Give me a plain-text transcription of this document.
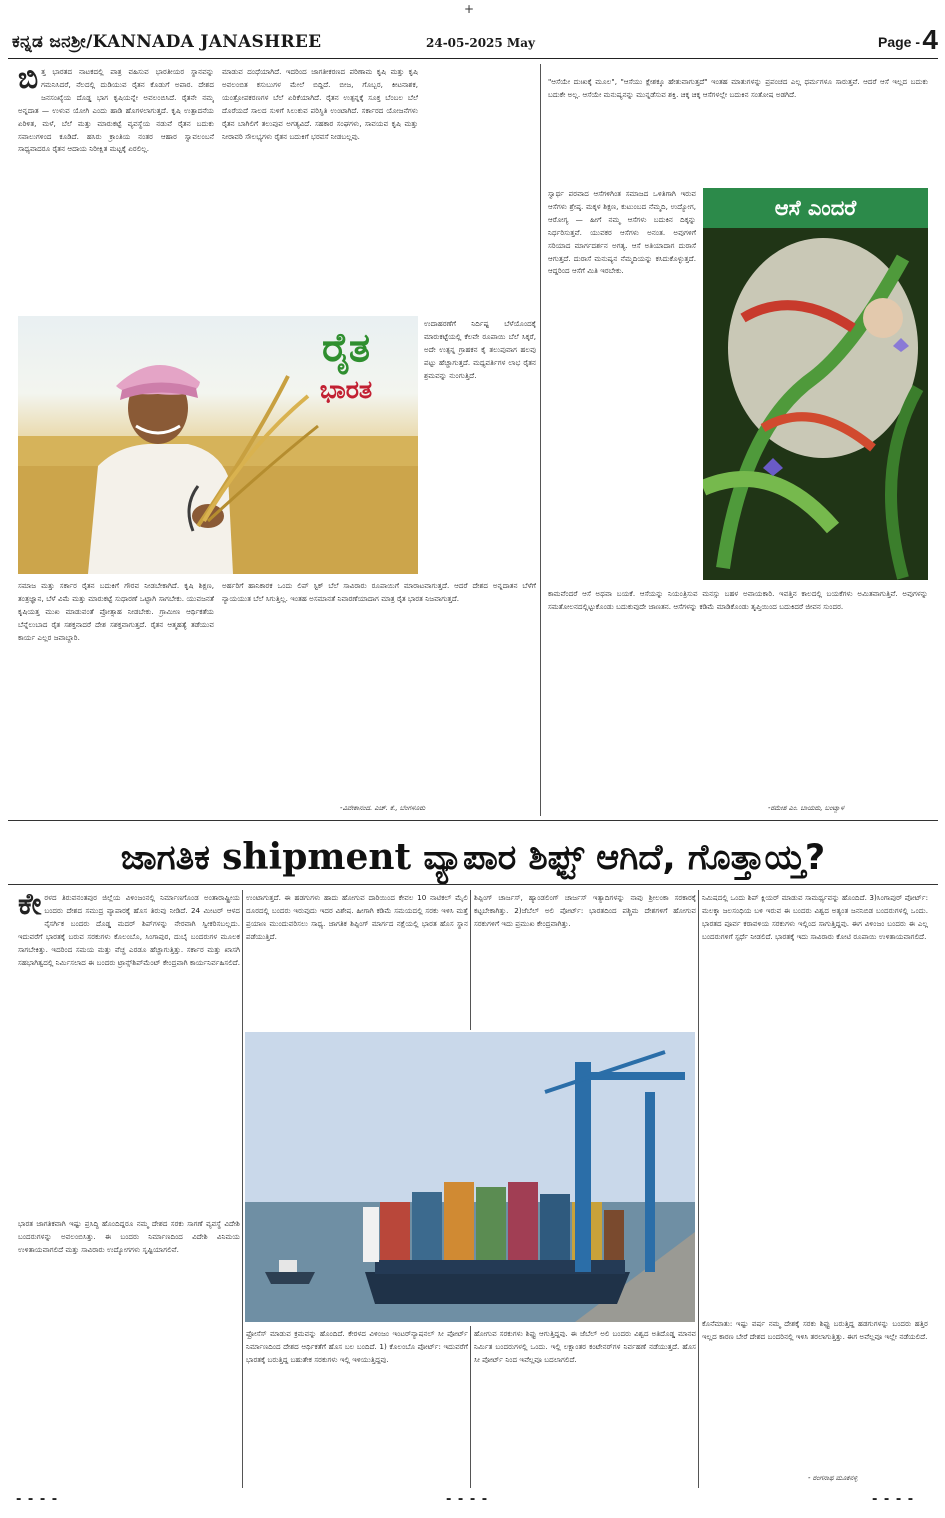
ಕನ್ನಡ ಜನಶ್ರೀ/KANNADA JANASHREE	24-05-2025 May	Page - 4
+
ಬಿ ತ್ತ ಭಾರತದ ನಾಟಕದಲ್ಲಿ ಪಾತ್ರ ವಹಿಸುವ ಭಾರತೀಯರ ಸ್ಥಾನವನ್ನು ಗಮನಿಸಿದರೆ, ನೆಲದಲ್ಲಿ ದುಡಿಯುವ ರೈತನ ಕೊಡುಗೆ ಅಪಾರ. ದೇಶದ ಜನಸಂಖ್ಯೆಯ ದೊಡ್ಡ ಭಾಗ ಕೃಷಿಯನ್ನೇ ಅವಲಂಬಿಸಿದೆ. ರೈತನೇ ನಮ್ಮ ಅನ್ನದಾತ — ಉಳುವ ಯೋಗಿ ಎಂದು ಹಾಡಿ ಹೊಗಳಲಾಗುತ್ತದೆ. ಕೃಷಿ ಉತ್ಪಾದನೆಯ ಏರಿಳಿತ, ಮಳೆ, ಬೆಲೆ ಮತ್ತು ಮಾರುಕಟ್ಟೆ ವ್ಯವಸ್ಥೆಯ ನಡುವೆ ರೈತನ ಬದುಕು ಸವಾಲುಗಳಿಂದ ಕೂಡಿದೆ. ಹಸಿರು ಕ್ರಾಂತಿಯ ನಂತರ ಆಹಾರ ಸ್ವಾವಲಂಬನೆ ಸಾಧ್ಯವಾದರೂ ರೈತನ ಆದಾಯ ನಿರೀಕ್ಷಿತ ಮಟ್ಟಕ್ಕೆ ಏರಲಿಲ್ಲ.
ಮಾಡುವ ದಂಧೆಯಾಗಿದೆ. ಇದರಿಂದ ಜಾಗತೀಕರಣದ ಪರಿಣಾಮ ಕೃಷಿ ಮತ್ತು ಕೃಷಿ ಅವಲಂಬಿತ ಕಸುಬುಗಳ ಮೇಲೆ ಬಿದ್ದಿದೆ. ಬೀಜ, ಗೊಬ್ಬರ, ಕೀಟನಾಶಕ, ಯಂತ್ರೋಪಕರಣಗಳ ಬೆಲೆ ಏರಿಕೆಯಾಗಿದೆ. ರೈತನ ಉತ್ಪನ್ನಕ್ಕೆ ಸೂಕ್ತ ಬೆಂಬಲ ಬೆಲೆ ದೊರೆಯದೆ ಸಾಲದ ಸುಳಿಗೆ ಸಿಲುಕುವ ಪರಿಸ್ಥಿತಿ ಉಂಟಾಗಿದೆ. ಸರ್ಕಾರದ ಯೋಜನೆಗಳು ರೈತನ ಬಾಗಿಲಿಗೆ ತಲುಪುವ ಅಗತ್ಯವಿದೆ. ಸಹಕಾರ ಸಂಘಗಳು, ಸಾವಯವ ಕೃಷಿ ಮತ್ತು ನೀರಾವರಿ ಸೌಲಭ್ಯಗಳು ರೈತನ ಬದುಕಿಗೆ ಭರವಸೆ ನೀಡಬಲ್ಲವು.
ರೈತ
ಭಾರತ
ಉದಾಹರಣೆಗೆ ನಿರ್ದಿಷ್ಟ ಬೆಳೆಯೊಂದಕ್ಕೆ ಮಾರುಕಟ್ಟೆಯಲ್ಲಿ ಕೆಲವೇ ರೂಪಾಯಿ ಬೆಲೆ ಸಿಕ್ಕರೆ, ಅದೇ ಉತ್ಪನ್ನ ಗ್ರಾಹಕನ ಕೈ ತಲುಪುವಾಗ ಹಲವು ಪಟ್ಟು ಹೆಚ್ಚಾಗುತ್ತದೆ. ಮಧ್ಯವರ್ತಿಗಳ ಲಾಭ ರೈತನ ಶ್ರಮವನ್ನು ನುಂಗುತ್ತಿದೆ.
ಸಮಾಜ ಮತ್ತು ಸರ್ಕಾರ ರೈತನ ಬದುಕಿಗೆ ಗೌರವ ನೀಡಬೇಕಾಗಿದೆ. ಕೃಷಿ ಶಿಕ್ಷಣ, ತಂತ್ರಜ್ಞಾನ, ಬೆಳೆ ವಿಮೆ ಮತ್ತು ಮಾರುಕಟ್ಟೆ ಸುಧಾರಣೆ ಒಟ್ಟಾಗಿ ಸಾಗಬೇಕು. ಯುವಜನತೆ ಕೃಷಿಯತ್ತ ಮುಖ ಮಾಡುವಂತೆ ಪ್ರೋತ್ಸಾಹ ನೀಡಬೇಕು. ಗ್ರಾಮೀಣ ಆರ್ಥಿಕತೆಯ ಬೆನ್ನೆಲುಬಾದ ರೈತ ಸಶಕ್ತನಾದರೆ ದೇಶ ಸಶಕ್ತವಾಗುತ್ತದೆ. ರೈತನ ಆತ್ಮಹತ್ಯೆ ತಡೆಯುವ ಕಾರ್ಯ ಎಲ್ಲರ ಜವಾಬ್ದಾರಿ.
ಅರ್ಹರಿಗೆ ಹಾನಿಕಾರಕ ಒಂದು ಲಿಪ್ ಸ್ಟಿಕ್ ಬೆಲೆ ಸಾವಿರಾರು ರೂಪಾಯಿಗೆ ಮಾರಾಟವಾಗುತ್ತದೆ. ಆದರೆ ದೇಶದ ಅನ್ನದಾತನ ಬೆಳೆಗೆ ನ್ಯಾಯಯುತ ಬೆಲೆ ಸಿಗುತ್ತಿಲ್ಲ. ಇಂತಹ ಅಸಮಾನತೆ ನಿವಾರಣೆಯಾದಾಗ ಮಾತ್ರ ರೈತ ಭಾರತ ನಿಜವಾಗುತ್ತದೆ.
-ವಿವೇಕಾನಂದ. ಎಚ್. ಕೆ., ಬೆಂಗಳೂರು
"ಆಸೆಯೇ ದುಃಖಕ್ಕೆ ಮೂಲ", "ಆಸೆಯು ಕ್ಲೇಶಕ್ಕೂ ಹೇತುವಾಗುತ್ತದೆ" ಇಂತಹ ಮಾತುಗಳನ್ನು ಪ್ರಪಂಚದ ಎಲ್ಲ ಧರ್ಮಗಳೂ ಸಾರುತ್ತವೆ. ಆದರೆ ಆಸೆ ಇಲ್ಲದ ಬದುಕು ಬದುಕೇ ಅಲ್ಲ. ಆಸೆಯೇ ಮನುಷ್ಯನನ್ನು ಮುನ್ನಡೆಸುವ ಶಕ್ತಿ. ಚಿಕ್ಕ ಚಿಕ್ಕ ಆಸೆಗಳಲ್ಲೇ ಬದುಕಿನ ಸಂತೋಷ ಅಡಗಿದೆ.
ಆಸೆ ಎಂದರೆ
ಸ್ವಾರ್ಥ ಪರವಾದ ಆಸೆಗಳಿಗಿಂತ ಸಮಾಜದ ಒಳಿತಿಗಾಗಿ ಇರುವ ಆಸೆಗಳು ಶ್ರೇಷ್ಠ. ಮಕ್ಕಳ ಶಿಕ್ಷಣ, ಕುಟುಂಬದ ನೆಮ್ಮದಿ, ಉದ್ಯೋಗ, ಆರೋಗ್ಯ — ಹೀಗೆ ನಮ್ಮ ಆಸೆಗಳು ಬದುಕಿನ ದಿಕ್ಕನ್ನು ನಿರ್ಧರಿಸುತ್ತವೆ. ಯುವಕರ ಆಸೆಗಳು ಅನಂತ. ಅವುಗಳಿಗೆ ಸರಿಯಾದ ಮಾರ್ಗದರ್ಶನ ಅಗತ್ಯ. ಆಸೆ ಅತಿಯಾದಾಗ ದುರಾಸೆ ಆಗುತ್ತದೆ. ದುರಾಸೆ ಮನುಷ್ಯನ ನೆಮ್ಮದಿಯನ್ನು ಕಸಿದುಕೊಳ್ಳುತ್ತದೆ. ಆದ್ದರಿಂದ ಆಸೆಗೆ ಮಿತಿ ಇರಬೇಕು.
ಕಾಮವೆಂದರೆ ಆಸೆ ಅಥವಾ ಬಯಕೆ. ಆಸೆಯನ್ನು ನಿಯಂತ್ರಿಸುವ ಮನಸ್ಸು ಬಹಳ ಅವಾಯಕಾರಿ. ಇವತ್ತಿನ ಕಾಲದಲ್ಲಿ ಬಯಕೆಗಳು ಅಮಿತವಾಗುತ್ತಿವೆ. ಅವುಗಳನ್ನು ಸಮತೋಲನದಲ್ಲಿಟ್ಟುಕೊಂಡು ಬದುಕುವುದೇ ಜಾಣತನ. ಆಸೆಗಳನ್ನು ಕಡಿಮೆ ಮಾಡಿಕೊಂಡು ತೃಪ್ತಿಯಿಂದ ಬದುಕಿದರೆ ಜೀವನ ಸುಂದರ.
-ರಮೇಶ ಎಂ. ಬಾಯರು, ಬಂಟ್ವಾಳ
ಜಾಗತಿಕ shipment ವ್ಯಾಪಾರ ಶಿಫ್ಟ್ ಆಗಿದೆ, ಗೊತ್ತಾಯ್ತ?
ಕೇ ರಳದ ತಿರುವನಂತಪುರ ಜಿಲ್ಲೆಯ ವಿಳಿಂಜಂನಲ್ಲಿ ನಿರ್ಮಾಣಗೊಂಡ ಅಂತಾರಾಷ್ಟ್ರೀಯ ಬಂದರು ದೇಶದ ಸಮುದ್ರ ವ್ಯಾಪಾರಕ್ಕೆ ಹೊಸ ತಿರುವು ನೀಡಿದೆ. 24 ಮೀಟರ್ ಆಳದ ನೈಸರ್ಗಿಕ ಬಂದರು ದೊಡ್ಡ ಮದರ್ ಶಿಪ್‌ಗಳನ್ನು ನೇರವಾಗಿ ಸ್ವೀಕರಿಸಬಲ್ಲದು. ಇದುವರೆಗೆ ಭಾರತಕ್ಕೆ ಬರುವ ಸರಕುಗಳು ಕೊಲಂಬೊ, ಸಿಂಗಾಪುರ, ದುಬೈ ಬಂದರುಗಳ ಮೂಲಕ ಸಾಗಬೇಕಿತ್ತು. ಇದರಿಂದ ಸಮಯ ಮತ್ತು ವೆಚ್ಚ ಎರಡೂ ಹೆಚ್ಚಾಗುತ್ತಿತ್ತು. ಸರ್ಕಾರ ಮತ್ತು ಖಾಸಗಿ ಸಹಭಾಗಿತ್ವದಲ್ಲಿ ನಿರ್ಮಿಸಲಾದ ಈ ಬಂದರು ಟ್ರಾನ್ಸ್‌ಶಿಪ್‌ಮೆಂಟ್ ಕೇಂದ್ರವಾಗಿ ಕಾರ್ಯನಿರ್ವಹಿಸಲಿದೆ.
ಭಾರತ ಜಾಗತಿಕವಾಗಿ ಇಷ್ಟು ಪ್ರಸಿದ್ಧಿ ಹೊಂದಿದ್ದರೂ ನಮ್ಮ ದೇಶದ ಸರಕು ಸಾಗಣೆ ವ್ಯವಸ್ಥೆ ವಿದೇಶಿ ಬಂದರುಗಳನ್ನು ಅವಲಂಬಿಸಿತ್ತು. ಈ ಬಂದರು ನಿರ್ಮಾಣದಿಂದ ವಿದೇಶಿ ವಿನಿಮಯ ಉಳಿತಾಯವಾಗಲಿದೆ ಮತ್ತು ಸಾವಿರಾರು ಉದ್ಯೋಗಗಳು ಸೃಷ್ಟಿಯಾಗಲಿವೆ.
ಉಂಟಾಗುತ್ತದೆ. ಈ ಹಡಗುಗಳು ಹಾದು ಹೋಗುವ ದಾರಿಯಿಂದ ಕೇವಲ 10 ನಾಟಿಕಲ್ ಮೈಲಿ ದೂರದಲ್ಲಿ ಬಂದರು ಇರುವುದು ಇದರ ವಿಶೇಷ. ಹೀಗಾಗಿ ಕಡಿಮೆ ಸಮಯದಲ್ಲಿ ಸರಕು ಇಳಿಸಿ ಮತ್ತೆ ಪ್ರಯಾಣ ಮುಂದುವರಿಸಲು ಸಾಧ್ಯ. ಜಾಗತಿಕ ಶಿಪ್ಪಿಂಗ್ ಮಾರ್ಗದ ನಕ್ಷೆಯಲ್ಲಿ ಭಾರತ ಹೊಸ ಸ್ಥಾನ ಪಡೆಯುತ್ತಿದೆ.
ಶಿಪ್ಪಿಂಗ್ ಚಾರ್ಜಸ್, ಹ್ಯಾಂಡಲಿಂಗ್ ಚಾರ್ಜಸ್ ಇತ್ಯಾದಿಗಳನ್ನು ನಾವು ಶ್ರೀಲಂಕಾ ಸರಕಾರಕ್ಕೆ ಕಟ್ಟಬೇಕಾಗಿತ್ತು. 2)ಜೆಬೆಲ್ ಅಲಿ ಪೋರ್ಟ್: ಭಾರತದಿಂದ ಪಶ್ಚಿಮ ದೇಶಗಳಿಗೆ ಹೋಗುವ ಸರಕುಗಳಿಗೆ ಇದು ಪ್ರಮುಖ ಕೇಂದ್ರವಾಗಿತ್ತು.
ಫ್ರೋಸೆಸ್ ಮಾಡುವ ಕ್ರಮವನ್ನು ಹೊಂದಿದೆ. ಕೇರಳದ ವಿಳಿಂಜಂ ಇಂಟರ್‌ನ್ಯಾಷನಲ್ ಸೀ ಪೋರ್ಟ್ ನಿರ್ಮಾಣದಿಂದ ದೇಶದ ಆರ್ಥಿಕತೆಗೆ ಹೊಸ ಬಲ ಬಂದಿದೆ. 1) ಕೊಲಂಬೊ ಪೋರ್ಟ್: ಇದುವರೆಗೆ ಭಾರತಕ್ಕೆ ಬರುತ್ತಿದ್ದ ಬಹುತೇಕ ಸರಕುಗಳು ಇಲ್ಲಿ ಇಳಿಯುತ್ತಿದ್ದವು.
ಹೋಗುವ ಸರಕುಗಳು ಶಿಫ್ಟು ಆಗುತ್ತಿದ್ದವು. ಈ ಜೆಬೆಲ್ ಅಲಿ ಬಂದರು ವಿಶ್ವದ ಅತಿದೊಡ್ಡ ಮಾನವ ನಿರ್ಮಿತ ಬಂದರುಗಳಲ್ಲಿ ಒಂದು. ಇಲ್ಲಿ ಲಕ್ಷಾಂತರ ಕಂಟೇನರ್‌ಗಳ ನಿರ್ವಹಣೆ ನಡೆಯುತ್ತದೆ. ಹೊಸ ಸೀ ಪೋರ್ಟ್ ನಿಂದ ಇವೆಲ್ಲವೂ ಬದಲಾಗಲಿದೆ.
ನಿಮಿಷದಲ್ಲಿ ಒಂದು ಶಿಪ್ ಕ್ಲಿಯರ್ ಮಾಡುವ ಸಾಮರ್ಥ್ಯವನ್ನು ಹೊಂದಿದೆ. 3)ಸಿಂಗಾಪುರ್ ಪೋರ್ಟ್: ಮಲಕ್ಕಾ ಜಲಸಂಧಿಯ ಬಳಿ ಇರುವ ಈ ಬಂದರು ವಿಶ್ವದ ಅತ್ಯಂತ ಜನನಿಬಿಡ ಬಂದರುಗಳಲ್ಲಿ ಒಂದು. ಭಾರತದ ಪೂರ್ವ ಕರಾವಳಿಯ ಸರಕುಗಳು ಇಲ್ಲಿಂದ ಸಾಗುತ್ತಿದ್ದವು. ಈಗ ವಿಳಿಂಜಂ ಬಂದರು ಈ ಎಲ್ಲ ಬಂದರುಗಳಿಗೆ ಸ್ಪರ್ಧೆ ನೀಡಲಿದೆ. ಭಾರತಕ್ಕೆ ಇದು ಸಾವಿರಾರು ಕೋಟಿ ರೂಪಾಯಿ ಉಳಿತಾಯವಾಗಲಿದೆ.
ಕೊನೆಮಾತು: ಇಷ್ಟು ವರ್ಷ ನಮ್ಮ ದೇಶಕ್ಕೆ ಸರಕು ಶಿಫ್ಟು ಬರುತ್ತಿದ್ದ ಹಡಗುಗಳನ್ನು ಬಂದರು ಹತ್ತಿರ ಇಲ್ಲದ ಕಾರಣ ಬೇರೆ ದೇಶದ ಬಂದರಿನಲ್ಲಿ ಇಳಿಸಿ ತರಲಾಗುತ್ತಿತ್ತು. ಈಗ ಅವೆಲ್ಲವೂ ಇಲ್ಲೇ ನಡೆಯಲಿದೆ.
- ರಂಗನಾಥ ಮೂಕನಳ್ಳಿ
- - - -	- - - -	- - - -
